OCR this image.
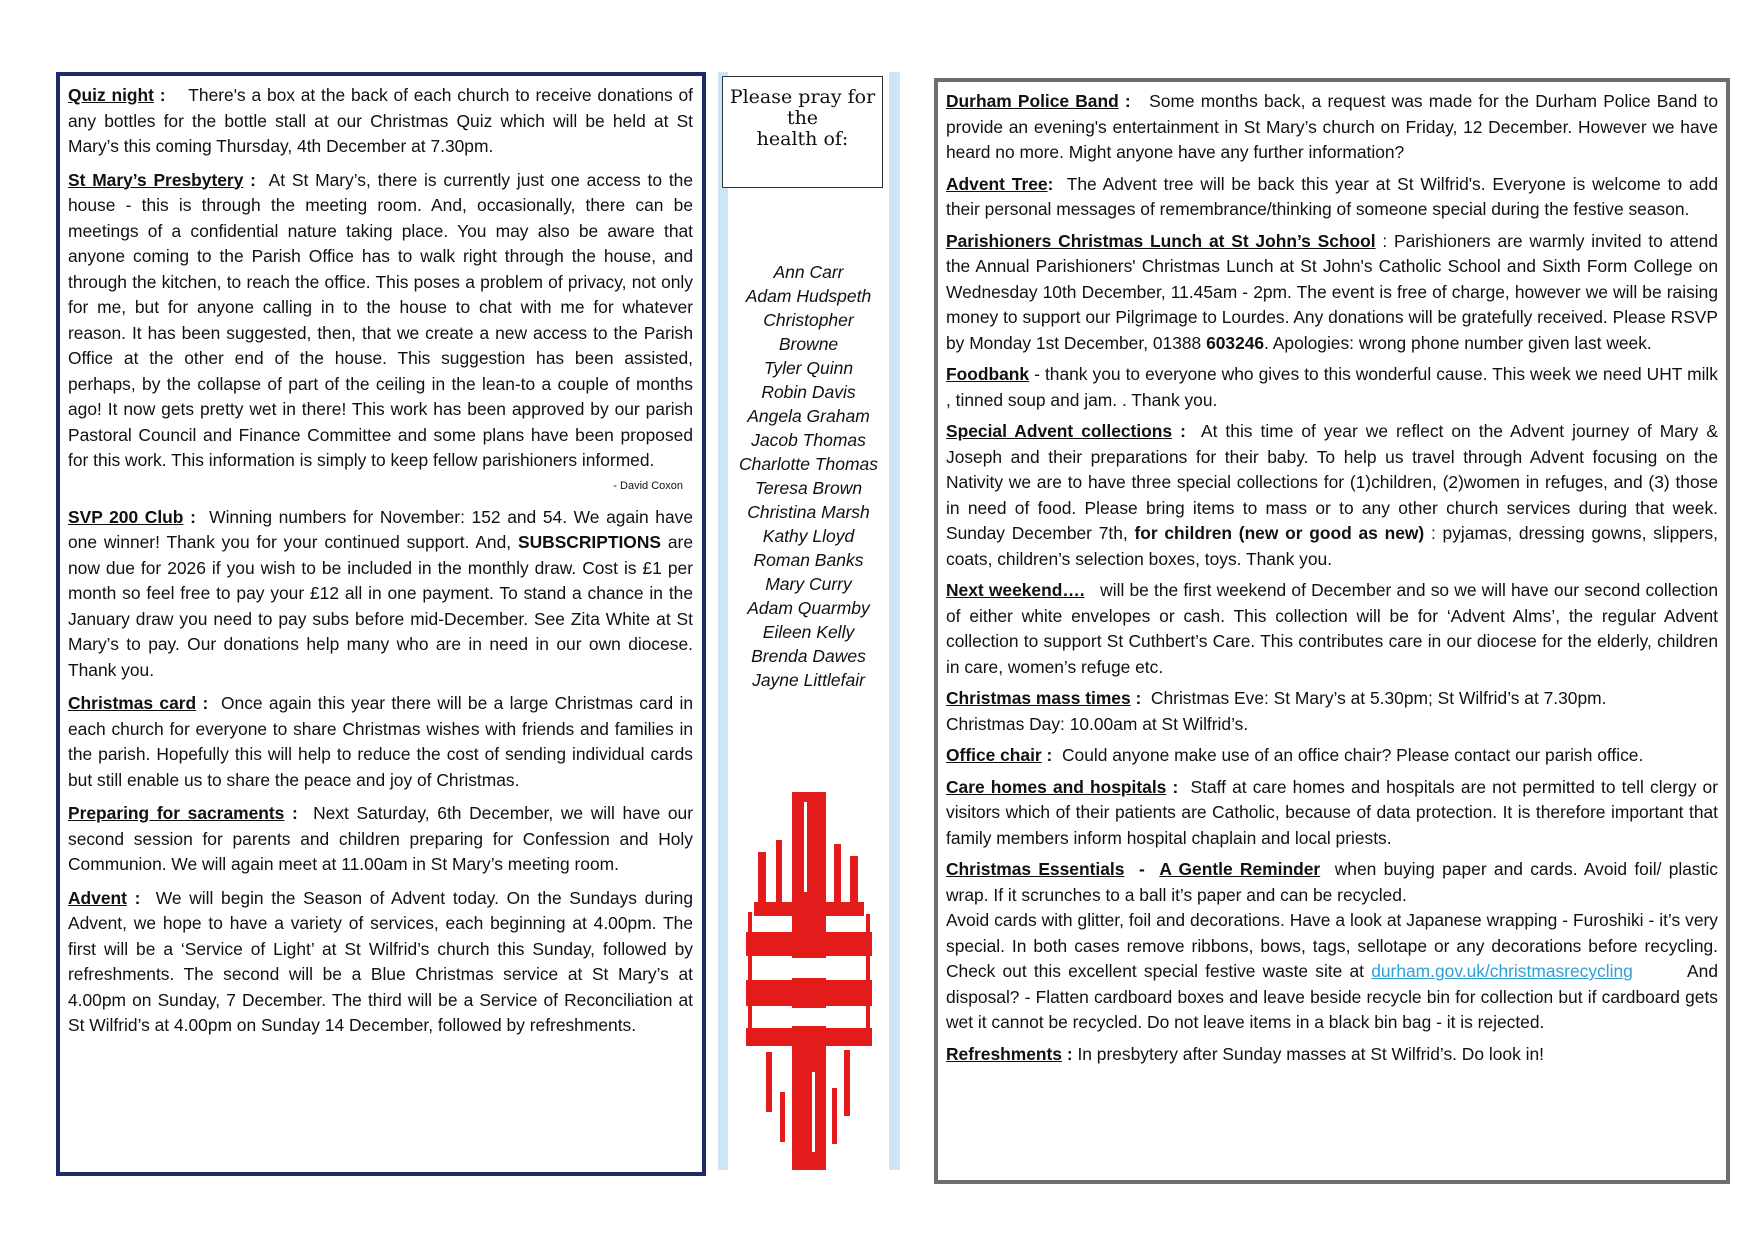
Quiz night : There's a box at the back of each church to receive donations of any bottles for the bottle stall at our Christmas Quiz which will be held at St Mary’s this coming Thursday, 4th December at 7.30pm.

St Mary’s Presbytery : At St Mary’s, there is currently just one access to the house - this is through the meeting room. And, occasionally, there can be meetings of a confidential nature taking place. You may also be aware that anyone coming to the Parish Office has to walk right through the house, and through the kitchen, to reach the office. This poses a problem of privacy, not only for me, but for anyone calling in to the house to chat with me for whatever reason. It has been suggested, then, that we create a new access to the Parish Office at the other end of the house. This suggestion has been assisted, perhaps, by the collapse of part of the ceiling in the lean-to a couple of months ago! It now gets pretty wet in there! This work has been approved by our parish Pastoral Council and Finance Committee and some plans have been proposed for this work. This information is simply to keep fellow parishioners informed.

- David Coxon

SVP 200 Club : Winning numbers for November: 152 and 54. We again have one winner! Thank you for your continued support. And, SUBSCRIPTIONS are now due for 2026 if you wish to be included in the monthly draw. Cost is £1 per month so feel free to pay your £12 all in one payment. To stand a chance in the January draw you need to pay subs before mid-December. See Zita White at St Mary’s to pay. Our donations help many who are in need in our own diocese. Thank you.

Christmas card : Once again this year there will be a large Christmas card in each church for everyone to share Christmas wishes with friends and families in the parish. Hopefully this will help to reduce the cost of sending individual cards but still enable us to share the peace and joy of Christmas.

Preparing for sacraments : Next Saturday, 6th December, we will have our second session for parents and children preparing for Confession and Holy Communion. We will again meet at 11.00am in St Mary’s meeting room.

Advent : We will begin the Season of Advent today. On the Sundays during Advent, we hope to have a variety of services, each beginning at 4.00pm. The first will be a ‘Service of Light’ at St Wilfrid’s church this Sunday, followed by refreshments. The second will be a Blue Christmas service at St Mary’s at 4.00pm on Sunday, 7 December. The third will be a Service of Reconciliation at St Wilfrid’s at 4.00pm on Sunday 14 December, followed by refreshments.

Please pray for
the
health of:
Ann Carr
Adam Hudspeth
Christopher
Browne
Tyler Quinn
Robin Davis
Angela Graham
Jacob Thomas
Charlotte Thomas
Teresa Brown
Christina Marsh
Kathy Lloyd
Roman Banks
Mary Curry
Adam Quarmby
Eileen Kelly
Brenda Dawes
Jayne Littlefair

Durham Police Band : Some months back, a request was made for the Durham Police Band to provide an evening's entertainment in St Mary’s church on Friday, 12 December. However we have heard no more. Might anyone have any further information?

Advent Tree: The Advent tree will be back this year at St Wilfrid's. Everyone is welcome to add their personal messages of remembrance/thinking of someone special during the festive season.

Parishioners Christmas Lunch at St John’s School : Parishioners are warmly invited to attend the Annual Parishioners' Christmas Lunch at St John's Catholic School and Sixth Form College on Wednesday 10th December, 11.45am - 2pm. The event is free of charge, however we will be raising money to support our Pilgrimage to Lourdes. Any donations will be gratefully received. Please RSVP by Monday 1st December, 01388 603246. Apologies: wrong phone number given last week.

Foodbank - thank you to everyone who gives to this wonderful cause. This week we need UHT milk , tinned soup and jam. . Thank you.

Special Advent collections : At this time of year we reflect on the Advent journey of Mary & Joseph and their preparations for their baby. To help us travel through Advent focusing on the Nativity we are to have three special collections for (1)children, (2)women in refuges, and (3) those in need of food. Please bring items to mass or to any other church services during that week. Sunday December 7th, for children (new or good as new) : pyjamas, dressing gowns, slippers, coats, children’s selection boxes, toys. Thank you.

Next weekend…. will be the first weekend of December and so we will have our second collection of either white envelopes or cash. This collection will be for ‘Advent Alms’, the regular Advent collection to support St Cuthbert’s Care. This contributes care in our diocese for the elderly, children in care, women’s refuge etc.

Christmas mass times : Christmas Eve: St Mary’s at 5.30pm; St Wilfrid’s at 7.30pm.
Christmas Day: 10.00am at St Wilfrid’s.

Office chair : Could anyone make use of an office chair? Please contact our parish office.

Care homes and hospitals : Staff at care homes and hospitals are not permitted to tell clergy or visitors which of their patients are Catholic, because of data protection. It is therefore important that family members inform hospital chaplain and local priests.

Christmas Essentials - A Gentle Reminder when buying paper and cards. Avoid foil/ plastic wrap. If it scrunches to a ball it’s paper and can be recycled.
Avoid cards with glitter, foil and decorations. Have a look at Japanese wrapping - Furoshiki - it’s very special. In both cases remove ribbons, bows, tags, sellotape or any decorations before recycling. Check out this excellent special festive waste site at durham.gov.uk/christmasrecycling	And disposal? - Flatten cardboard boxes and leave beside recycle bin for collection but if cardboard gets wet it cannot be recycled. Do not leave items in a black bin bag - it is rejected.

Refreshments : In presbytery after Sunday masses at St Wilfrid’s. Do look in!
